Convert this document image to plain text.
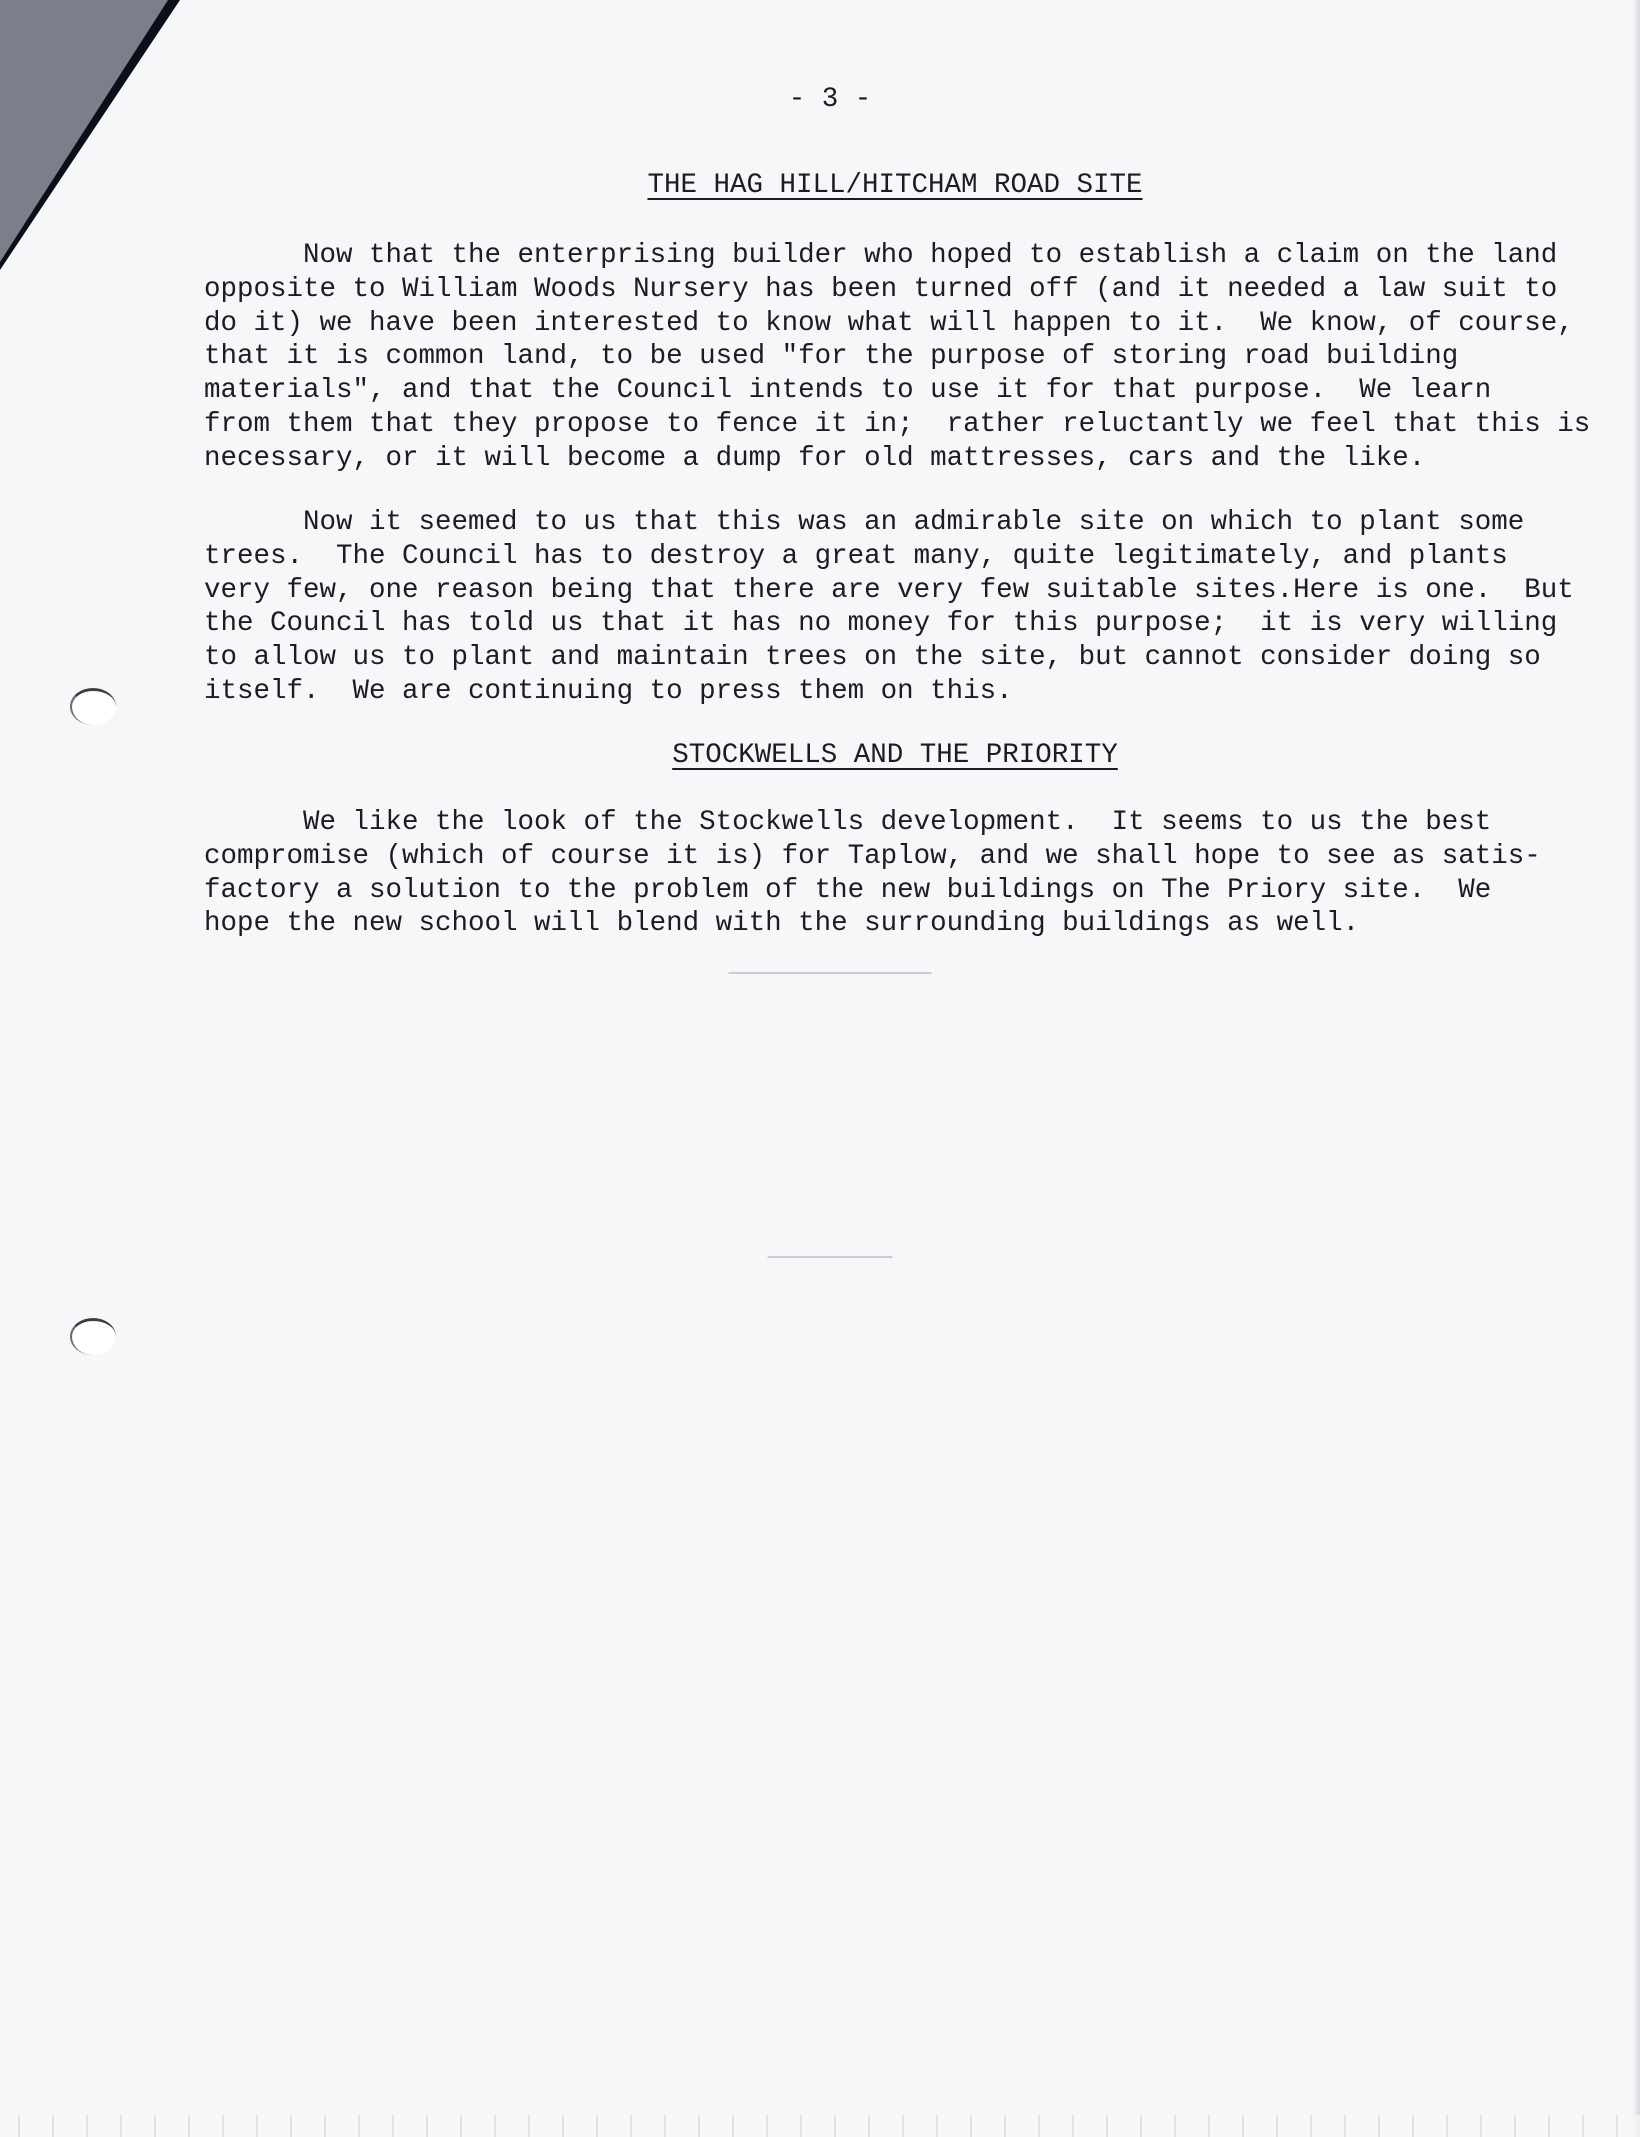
- 3 -
THE HAG HILL/HITCHAM ROAD SITE
Now that the enterprising builder who hoped to establish a claim on the land
opposite to William Woods Nursery has been turned off (and it needed a law suit to
do it) we have been interested to know what will happen to it.  We know, of course,
that it is common land, to be used "for the purpose of storing road building
materials", and that the Council intends to use it for that purpose.  We learn
from them that they propose to fence it in;  rather reluctantly we feel that this is
necessary, or it will become a dump for old mattresses, cars and the like.
Now it seemed to us that this was an admirable site on which to plant some
trees.  The Council has to destroy a great many, quite legitimately, and plants
very few, one reason being that there are very few suitable sites.Here is one.  But
the Council has told us that it has no money for this purpose;  it is very willing
to allow us to plant and maintain trees on the site, but cannot consider doing so
itself.  We are continuing to press them on this.
STOCKWELLS AND THE PRIORITY
We like the look of the Stockwells development.  It seems to us the best
compromise (which of course it is) for Taplow, and we shall hope to see as satis-
factory a solution to the problem of the new buildings on The Priory site.  We
hope the new school will blend with the surrounding buildings as well.
